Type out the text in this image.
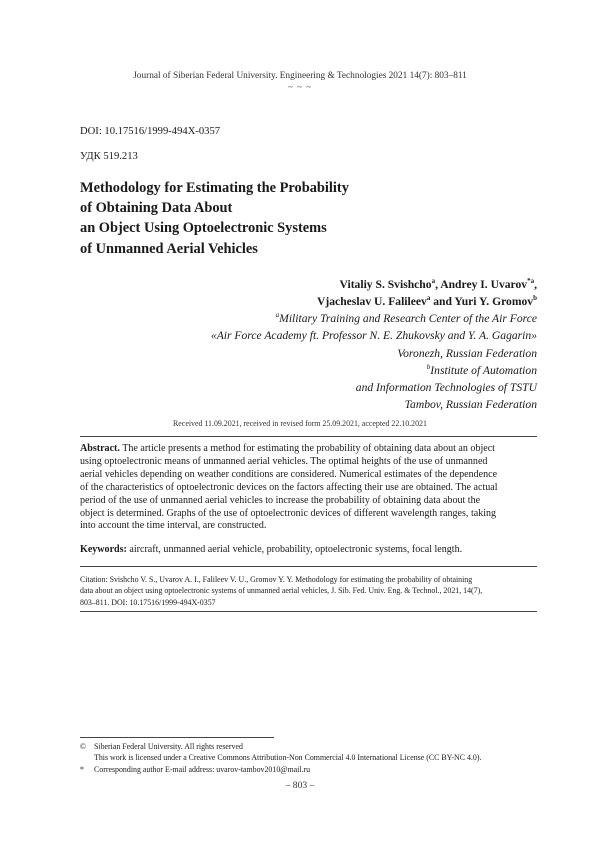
Journal of Siberian Federal University. Engineering & Technologies 2021 14(7): 803–811
~ ~ ~
DOI: 10.17516/1999-494X-0357
УДК 519.213
Methodology for Estimating the Probability
of Obtaining Data About
an Object Using Optoelectronic Systems
of Unmanned Aerial Vehicles
Vitaliy S. Svishcho$^a$, Andrey I. Uvarov$^{*a}$,
Vjacheslav U. Falileev$^a$ and Yuri Y. Gromov$^b$
$^a$Military Training and Research Center of the Air Force
«Air Force Academy ft. Professor N. E. Zhukovsky and Y. A. Gagarin»
Voronezh, Russian Federation
$^b$Institute of Automation
and Information Technologies of TSTU
Tambov, Russian Federation
Received 11.09.2021, received in revised form 25.09.2021, accepted 22.10.2021
Abstract. The article presents a method for estimating the probability of obtaining data about an object
using optoelectronic means of unmanned aerial vehicles. The optimal heights of the use of unmanned
aerial vehicles depending on weather conditions are considered. Numerical estimates of the dependence
of the characteristics of optoelectronic devices on the factors affecting their use are obtained. The actual
period of the use of unmanned aerial vehicles to increase the probability of obtaining data about the
object is determined. Graphs of the use of optoelectronic devices of different wavelength ranges, taking
into account the time interval, are constructed.
Keywords: aircraft, unmanned aerial vehicle, probability, optoelectronic systems, focal length.
Citation: Svishcho V. S., Uvarov A. I., Falileev V. U., Gromov Y. Y. Methodology for estimating the probability of obtaining
data about an object using optoelectronic systems of unmanned aerial vehicles, J. Sib. Fed. Univ. Eng. & Technol., 2021, 14(7),
803–811. DOI: 10.17516/1999-494X-0357
© Siberian Federal University. All rights reserved
This work is licensed under a Creative Commons Attribution-Non Commercial 4.0 International License (CC BY-NC 4.0).
* Corresponding author E-mail address: uvarov-tambov2010@mail.ru
– 803 –
